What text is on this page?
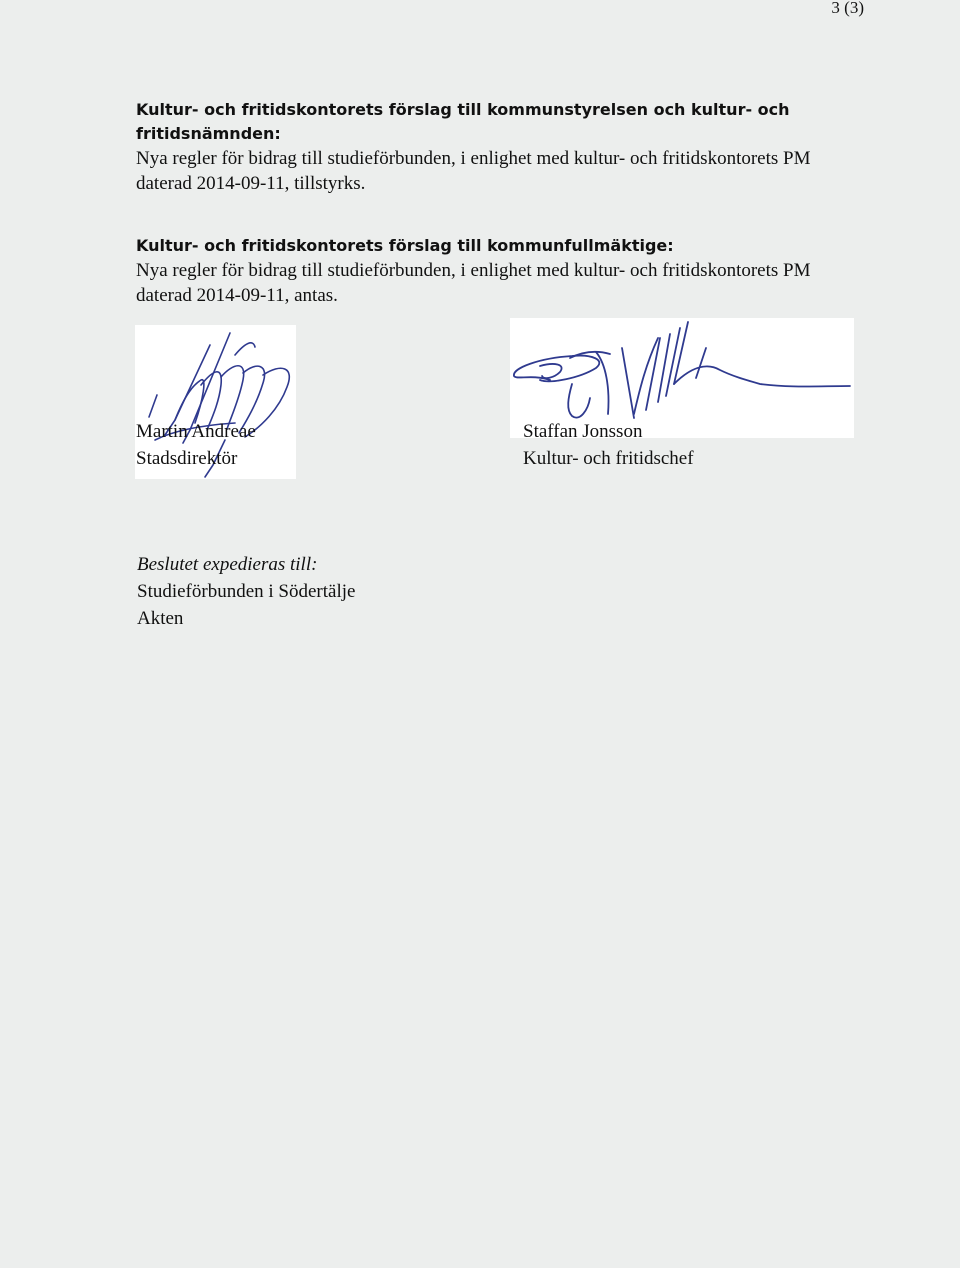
3 (3)
Kultur- och fritidskontorets förslag till kommunstyrelsen och kultur- och fritidsnämnden:
Nya regler för bidrag till studieförbunden, i enlighet med kultur- och fritidskontorets PM daterad 2014-09-11, tillstyrks.
Kultur- och fritidskontorets förslag till kommunfullmäktige:
Nya regler för bidrag till studieförbunden, i enlighet med kultur- och fritidskontorets PM daterad 2014-09-11, antas.
Martin Andreae
Stadsdirektör
Staffan Jonsson
Kultur- och fritidschef
Beslutet expedieras till:
Studieförbunden i Södertälje
Akten
